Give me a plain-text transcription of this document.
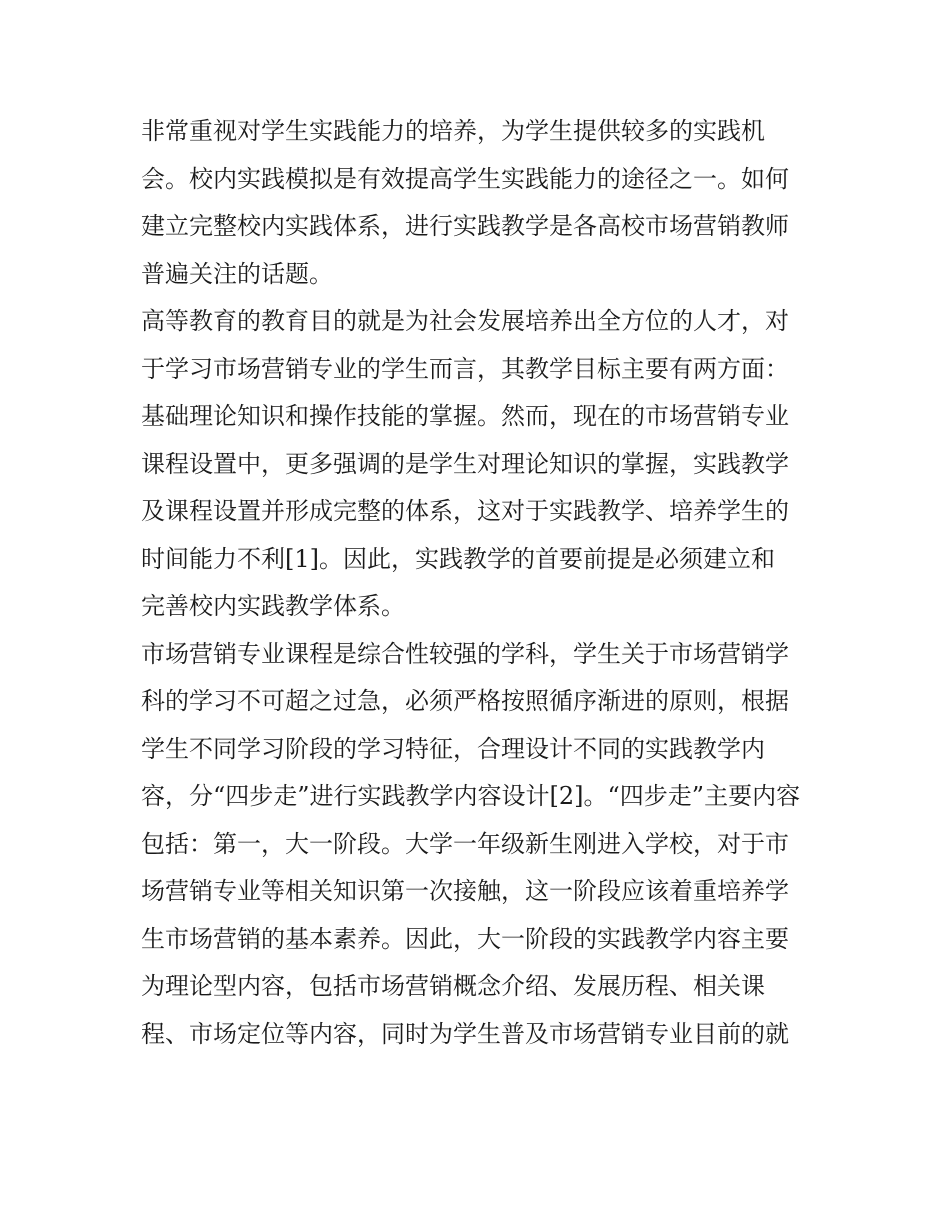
非常重视对学生实践能力的培养，为学生提供较多的实践机
会。校内实践模拟是有效提高学生实践能力的途径之一。如何
建立完整校内实践体系，进行实践教学是各高校市场营销教师
普遍关注的话题。
高等教育的教育目的就是为社会发展培养出全方位的人才，对
于学习市场营销专业的学生而言，其教学目标主要有两方面：
基础理论知识和操作技能的掌握。然而，现在的市场营销专业
课程设置中，更多强调的是学生对理论知识的掌握，实践教学
及课程设置并形成完整的体系，这对于实践教学、培养学生的
时间能力不利[1]。因此，实践教学的首要前提是必须建立和
完善校内实践教学体系。
市场营销专业课程是综合性较强的学科，学生关于市场营销学
科的学习不可超之过急，必须严格按照循序渐进的原则，根据
学生不同学习阶段的学习特征，合理设计不同的实践教学内
容，分“四步走”进行实践教学内容设计[2]。“四步走”主要内容
包括：第一，大一阶段。大学一年级新生刚进入学校，对于市
场营销专业等相关知识第一次接触，这一阶段应该着重培养学
生市场营销的基本素养。因此，大一阶段的实践教学内容主要
为理论型内容，包括市场营销概念介绍、发展历程、相关课
程、市场定位等内容，同时为学生普及市场营销专业目前的就
